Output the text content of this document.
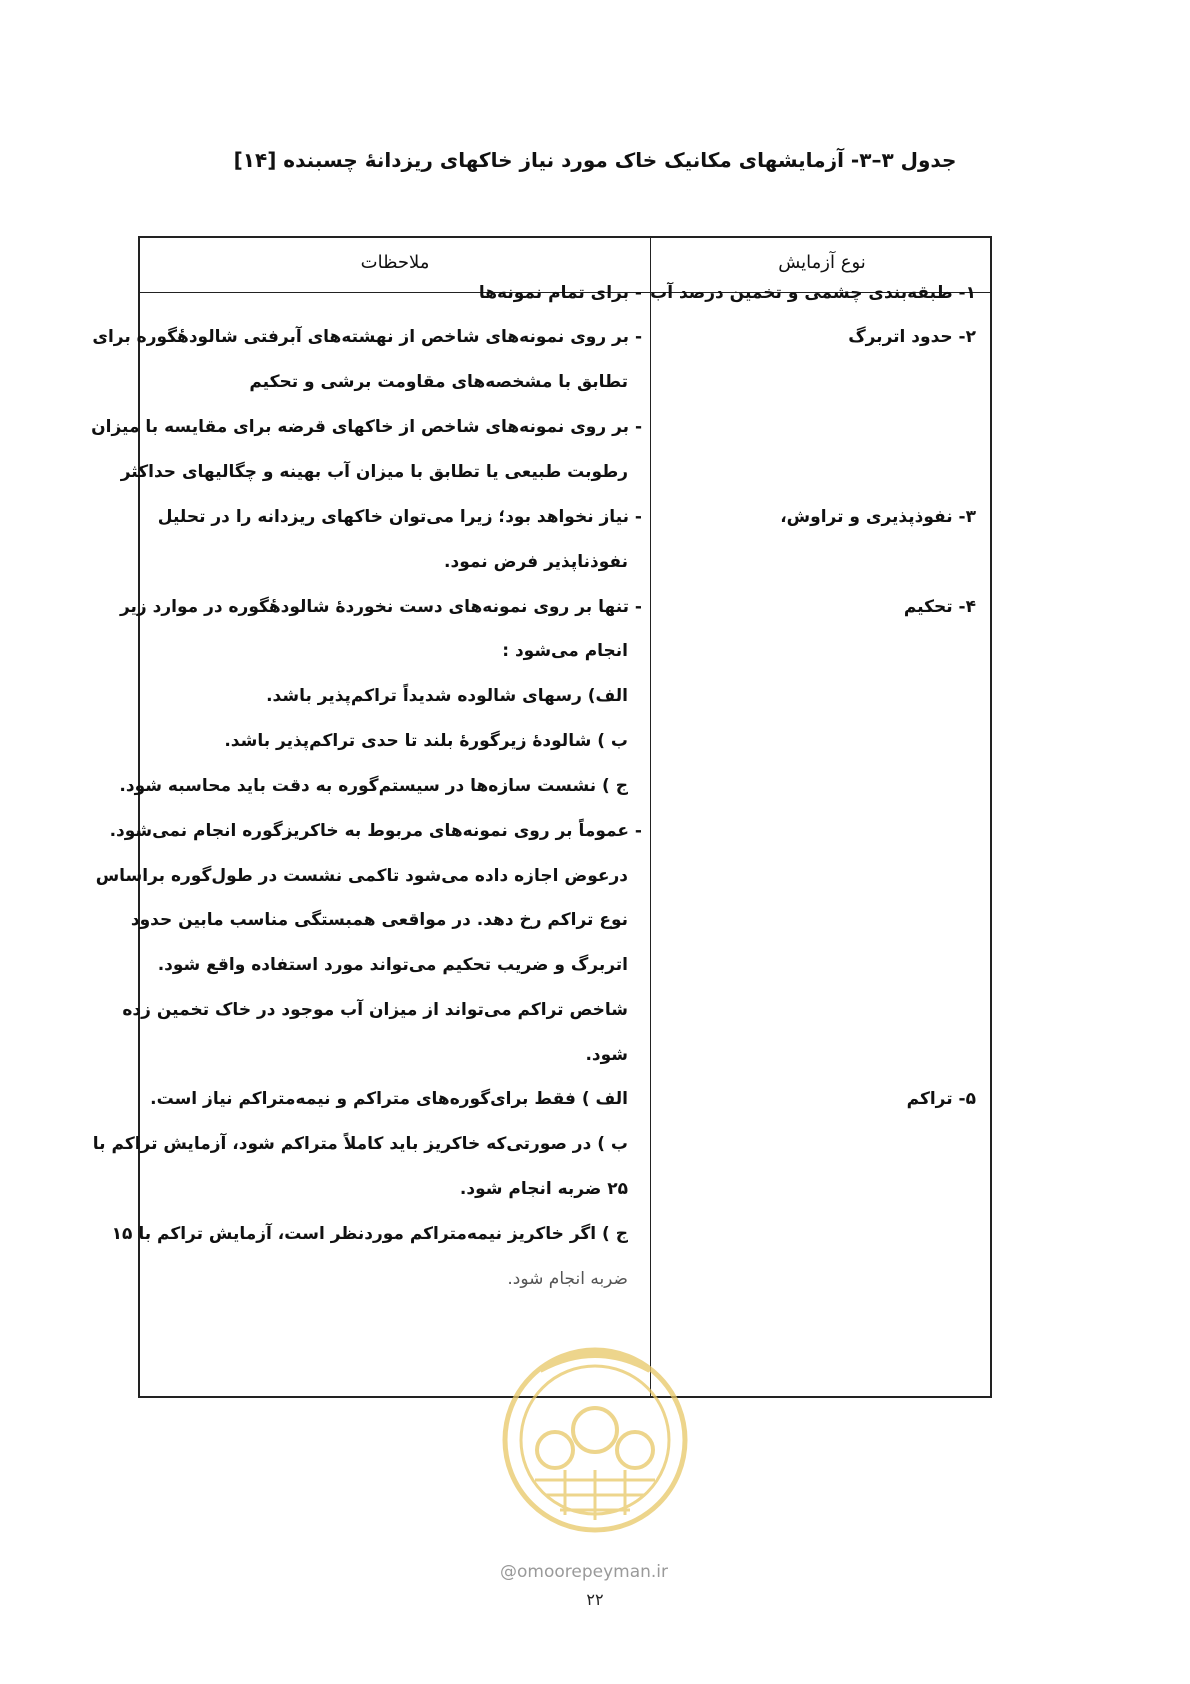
جدول ۳–۳- آزمایشهای مکانیک خاک مورد نیاز خاکهای ریزدانهٔ چسبنده [۱۴]
نوع آزمایش
ملاحظات
۱- طبقه‌بندی چشمی و تخمین درصد آب
۲- حدود اتربرگ
۳- نفوذپذیری و تراوش،
۴- تحکیم
۵- تراکم
- برای تمام نمونه‌ها
- بر روی نمونه‌های شاخص از نهشته‌های آبرفتی شالودهٔگوره برای
تطابق با مشخصه‌های مقاومت برشی و تحکیم
- بر روی نمونه‌های شاخص از خاکهای قرضه برای مقایسه با میزان
رطوبت طبیعی یا تطابق با میزان آب بهینه و چگالیهای حداکثر
- نیاز نخواهد بود؛ زیرا می‌توان خاکهای ریزدانه را در تحلیل
نفوذناپذیر فرض نمود.
- تنها بر روی نمونه‌های دست نخوردهٔ شالودهٔگوره در موارد زیر
انجام می‌شود :
الف) رسهای شالوده شدیداً تراکم‌پذیر باشد.
ب ) شالودهٔ زیرگورهٔ بلند تا حدی تراکم‌پذیر باشد.
ج ) نشست سازه‌ها در سیستم‌گوره به دقت باید محاسبه شود.
- عموماً بر روی نمونه‌های مربوط به خاکریزگوره انجام نمی‌شود.
درعوض اجازه داده می‌شود تاکمی نشست در طول‌گوره براساس
نوع تراکم رخ دهد. در مواقعی همبستگی مناسب مابین حدود
اتربرگ و ضریب تحکیم می‌تواند مورد استفاده واقع شود.
شاخص تراکم می‌تواند از میزان آب موجود در خاک تخمین زده
شود.
الف ) فقط برای‌گوره‌های متراکم و نیمه‌متراکم نیاز است.
ب ) در صورتی‌که خاکریز باید کاملاً متراکم شود، آزمایش تراکم با
۲۵ ضربه انجام شود.
ج ) اگر خاکریز نیمه‌متراکم موردنظر است، آزمایش تراکم با ۱۵
ضربه انجام شود.
@omoorepeyman.ir
۲۲
